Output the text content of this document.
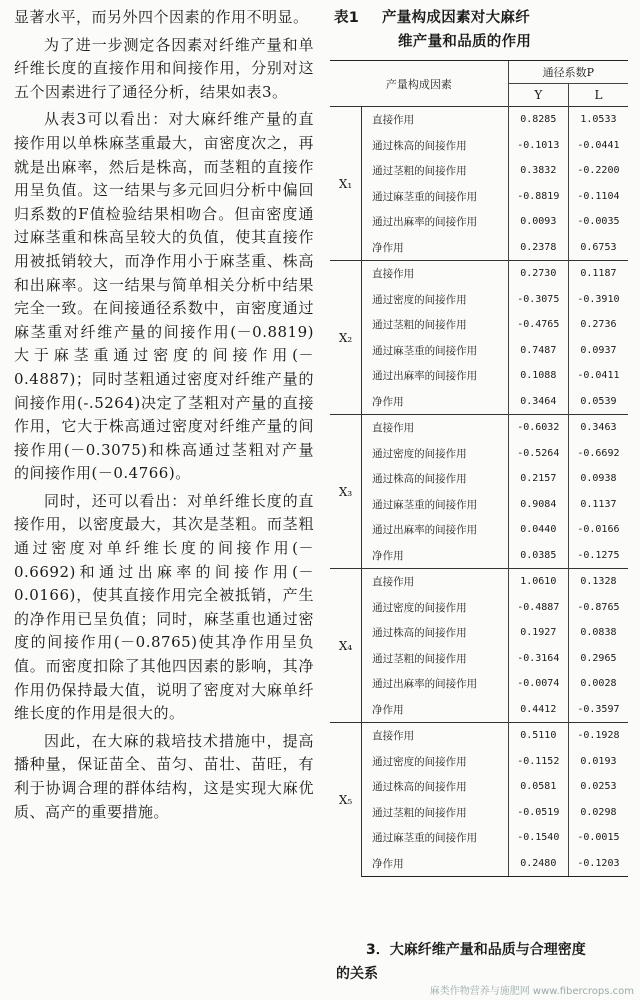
显著水平，而另外四个因素的作用不明显。

为了进一步测定各因素对纤维产量和单纤维长度的直接作用和间接作用，分别对这五个因素进行了通径分析，结果如表3。

从表3可以看出：对大麻纤维产量的直接作用以单株麻茎重最大，亩密度次之，再就是出麻率，然后是株高，而茎粗的直接作用呈负值。这一结果与多元回归分析中偏回归系数的F值检验结果相吻合。但亩密度通过麻茎重和株高呈较大的负值，使其直接作用被抵销较大，而净作用小于麻茎重、株高和出麻率。这一结果与简单相关分析中结果完全一致。在间接通径系数中，亩密度通过麻茎重对纤维产量的间接作用(－0.8819)大于麻茎重通过密度的间接作用(－0.4887)；同时茎粗通过密度对纤维产量的间接作用(-.5264)决定了茎粗对产量的直接作用，它大于株高通过密度对纤维产量的间接作用(－0.3075)和株高通过茎粗对产量的间接作用(－0.4766)。

同时，还可以看出：对单纤维长度的直接作用，以密度最大，其次是茎粗。而茎粗通过密度对单纤维长度的间接作用(－0.6692)和通过出麻率的间接作用(－0.0166)，使其直接作用完全被抵销，产生的净作用已呈负值；同时，麻茎重也通过密度的间接作用(－0.8765)使其净作用呈负值。而密度扣除了其他四因素的影响，其净作用仍保持最大值，说明了密度对大麻单纤维长度的作用是很大的。

因此，在大麻的栽培技术措施中，提高播种量，保证苗全、苗匀、苗壮、苗旺，有利于协调合理的群体结构，这是实现大麻优质、高产的重要措施。

表1 产量构成因素对大麻纤
维产量和品质的作用
产量构成因素		通径系数P	
		Y	L
X₁	直接作用	0.8285	1.0533
	通过株高的间接作用	-0.1013	-0.0441
	通过茎粗的间接作用	0.3832	-0.2200
	通过麻茎重的间接作用	-0.8819	-0.1104
	通过出麻率的间接作用	0.0093	-0.0035
	净作用	0.2378	0.6753
X₂	直接作用	0.2730	0.1187
	通过密度的间接作用	-0.3075	-0.3910
	通过茎粗的间接作用	-0.4765	0.2736
	通过麻茎重的间接作用	0.7487	0.0937
	通过出麻率的间接作用	0.1088	-0.0411
	净作用	0.3464	0.0539
X₃	直接作用	-0.6032	0.3463
	通过密度的间接作用	-0.5264	-0.6692
	通过株高的间接作用	0.2157	0.0938
	通过麻茎重的间接作用	0.9084	0.1137
	通过出麻率的间接作用	0.0440	-0.0166
	净作用	0.0385	-0.1275
X₄	直接作用	1.0610	0.1328
	通过密度的间接作用	-0.4887	-0.8765
	通过株高的间接作用	0.1927	0.0838
	通过茎粗的间接作用	-0.3164	0.2965
	通过出麻率的间接作用	-0.0074	0.0028
	净作用	0.4412	-0.3597
X₅	直接作用	0.5110	-0.1928
	通过密度的间接作用	-0.1152	0.0193
	通过株高的间接作用	0.0581	0.0253
	通过茎粗的间接作用	-0.0519	0.0298
	通过麻茎重的间接作用	-0.1540	-0.0015
	净作用	0.2480	-0.1203
3．大麻纤维产量和品质与合理密度
的关系
麻类作物营养与施肥网 www.fibercrops.com
